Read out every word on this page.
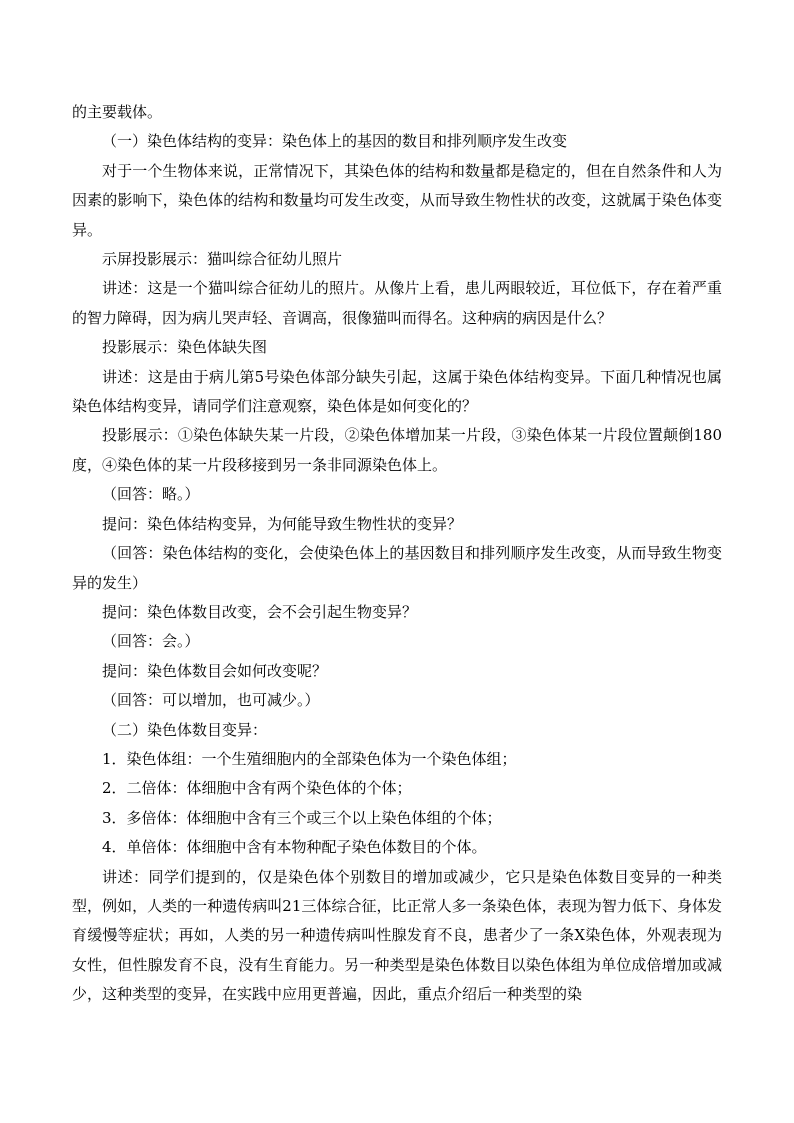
的主要载体。

（一）染色体结构的变异：染色体上的基因的数目和排列顺序发生改变

对于一个生物体来说，正常情况下，其染色体的结构和数量都是稳定的，但在自然条件和人为因素的影响下，染色体的结构和数量均可发生改变，从而导致生物性状的改变，这就属于染色体变异。

示屏投影展示：猫叫综合征幼儿照片

讲述：这是一个猫叫综合征幼儿的照片。从像片上看，患儿两眼较近，耳位低下，存在着严重的智力障碍，因为病儿哭声轻、音调高，很像猫叫而得名。这种病的病因是什么？

投影展示：染色体缺失图

讲述：这是由于病儿第5号染色体部分缺失引起，这属于染色体结构变异。下面几种情况也属染色体结构变异，请同学们注意观察，染色体是如何变化的？

投影展示：①染色体缺失某一片段，②染色体增加某一片段，③染色体某一片段位置颠倒180度，④染色体的某一片段移接到另一条非同源染色体上。

（回答：略。）

提问：染色体结构变异，为何能导致生物性状的变异？

（回答：染色体结构的变化，会使染色体上的基因数目和排列顺序发生改变，从而导致生物变异的发生）

提问：染色体数目改变，会不会引起生物变异？

（回答：会。）

提问：染色体数目会如何改变呢？

（回答：可以增加，也可减少。）

（二）染色体数目变异：

1．染色体组：一个生殖细胞内的全部染色体为一个染色体组；

2．二倍体：体细胞中含有两个染色体的个体；

3．多倍体：体细胞中含有三个或三个以上染色体组的个体；

4．单倍体：体细胞中含有本物种配子染色体数目的个体。

讲述：同学们提到的，仅是染色体个别数目的增加或减少，它只是染色体数目变异的一种类型，例如，人类的一种遗传病叫21三体综合征，比正常人多一条染色体，表现为智力低下、身体发育缓慢等症状；再如，人类的另一种遗传病叫性腺发育不良，患者少了一条X染色体，外观表现为女性，但性腺发育不良，没有生育能力。另一种类型是染色体数目以染色体组为单位成倍增加或减少，这种类型的变异，在实践中应用更普遍，因此，重点介绍后一种类型的染
